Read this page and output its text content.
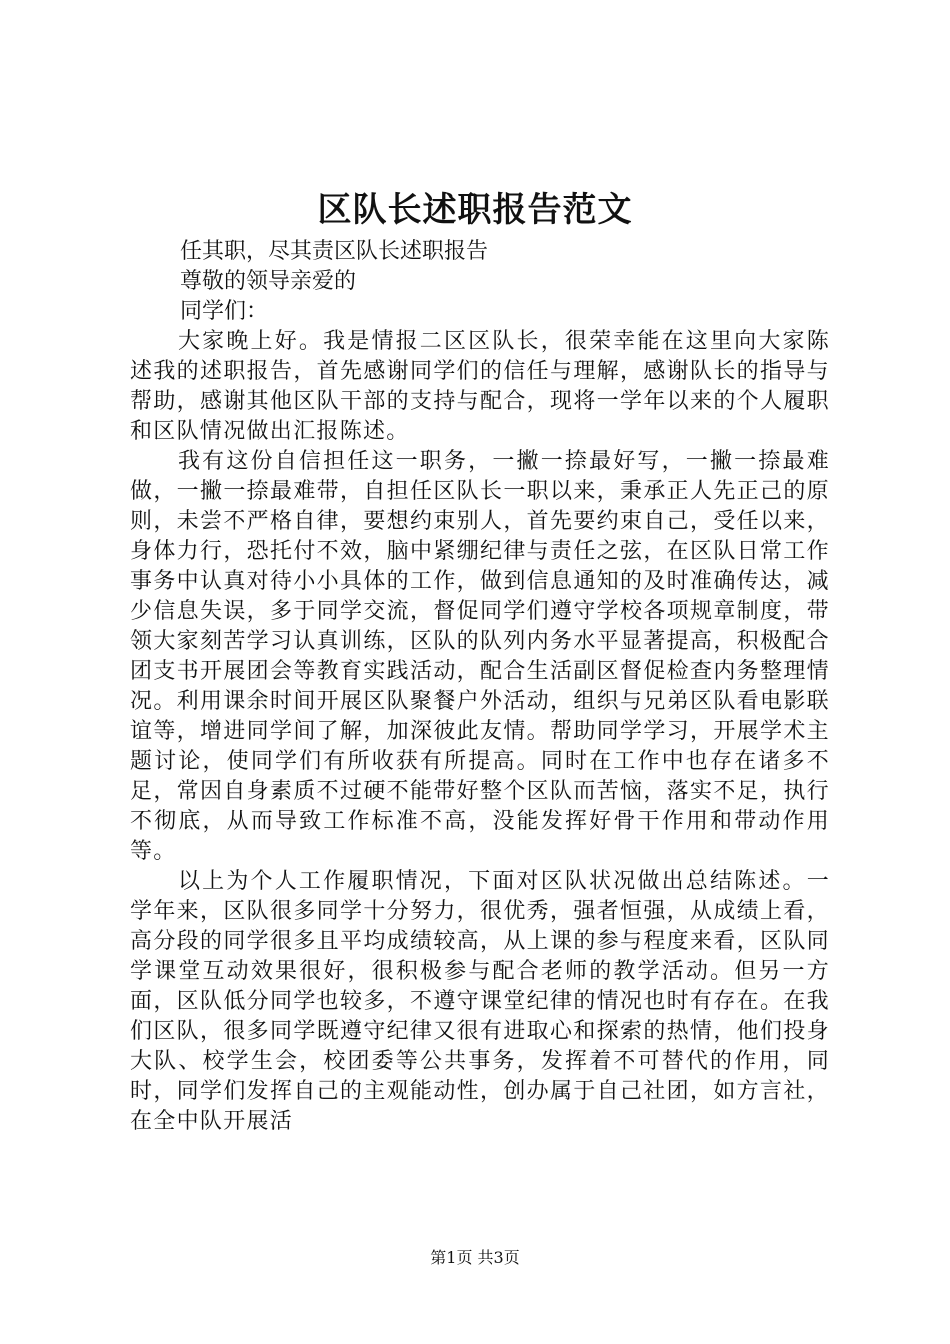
区队长述职报告范文

任其职，尽其责区队长述职报告

尊敬的领导亲爱的

同学们：

大家晚上好。我是情报二区区队长，很荣幸能在这里向大家陈述我的述职报告，首先感谢同学们的信任与理解，感谢队长的指导与帮助，感谢其他区队干部的支持与配合，现将一学年以来的个人履职和区队情况做出汇报陈述。

我有这份自信担任这一职务，一撇一捺最好写，一撇一捺最难做，一撇一捺最难带，自担任区队长一职以来，秉承正人先正己的原则，未尝不严格自律，要想约束别人，首先要约束自己，受任以来，身体力行，恐托付不效，脑中紧绷纪律与责任之弦，在区队日常工作事务中认真对待小小具体的工作，做到信息通知的及时准确传达，减少信息失误，多于同学交流，督促同学们遵守学校各项规章制度，带领大家刻苦学习认真训练，区队的队列内务水平显著提高，积极配合团支书开展团会等教育实践活动，配合生活副区督促检查内务整理情况。利用课余时间开展区队聚餐户外活动，组织与兄弟区队看电影联谊等，增进同学间了解，加深彼此友情。帮助同学学习，开展学术主题讨论，使同学们有所收获有所提高。同时在工作中也存在诸多不足，常因自身素质不过硬不能带好整个区队而苦恼，落实不足，执行不彻底，从而导致工作标准不高，没能发挥好骨干作用和带动作用等。

以上为个人工作履职情况，下面对区队状况做出总结陈述。一学年来，区队很多同学十分努力，很优秀，强者恒强，从成绩上看，高分段的同学很多且平均成绩较高，从上课的参与程度来看，区队同学课堂互动效果很好，很积极参与配合老师的教学活动。但另一方面，区队低分同学也较多，不遵守课堂纪律的情况也时有存在。在我们区队，很多同学既遵守纪律又很有进取心和探索的热情，他们投身大队、校学生会，校团委等公共事务，发挥着不可替代的作用，同时，同学们发挥自己的主观能动性，创办属于自己社团，如方言社，在全中队开展活

第1页 共3页
